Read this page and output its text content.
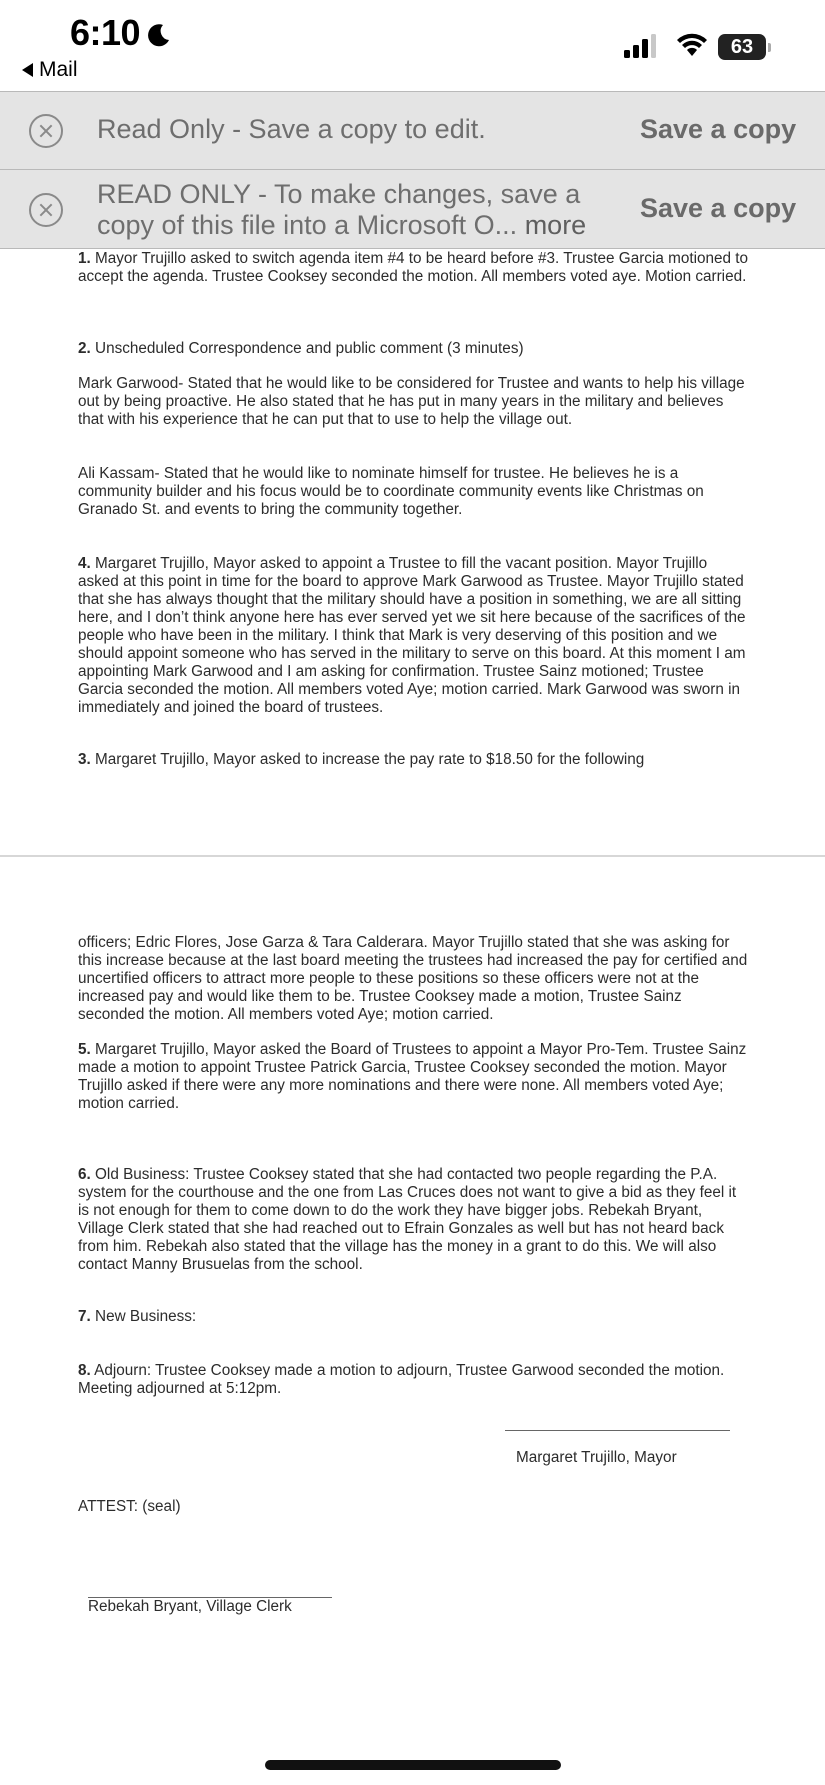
6:10
Mail
63
Read Only - Save a copy to edit.	Save a copy
READ ONLY - To make changes, save a copy of this file into a Microsoft O... more
Save a copy

1. Mayor Trujillo asked to switch agenda item #4 to be heard before #3. Trustee Garcia motioned to accept the agenda. Trustee Cooksey seconded the motion. All members voted aye. Motion carried.

2. Unscheduled Correspondence and public comment (3 minutes)

Mark Garwood- Stated that he would like to be considered for Trustee and wants to help his village out by being proactive. He also stated that he has put in many years in the military and believes that with his experience that he can put that to use to help the village out.

Ali Kassam- Stated that he would like to nominate himself for trustee. He believes he is a community builder and his focus would be to coordinate community events like Christmas on Granado St. and events to bring the community together.

4. Margaret Trujillo, Mayor asked to appoint a Trustee to fill the vacant position. Mayor Trujillo asked at this point in time for the board to approve Mark Garwood as Trustee. Mayor Trujillo stated that she has always thought that the military should have a position in something, we are all sitting here, and I don’t think anyone here has ever served yet we sit here because of the sacrifices of the people who have been in the military. I think that Mark is very deserving of this position and we should appoint someone who has served in the military to serve on this board. At this moment I am appointing Mark Garwood and I am asking for confirmation. Trustee Sainz motioned; Trustee Garcia seconded the motion. All members voted Aye; motion carried. Mark Garwood was sworn in immediately and joined the board of trustees.

3. Margaret Trujillo, Mayor asked to increase the pay rate to $18.50 for the following

officers; Edric Flores, Jose Garza & Tara Calderara. Mayor Trujillo stated that she was asking for this increase because at the last board meeting the trustees had increased the pay for certified and uncertified officers to attract more people to these positions so these officers were not at the increased pay and would like them to be. Trustee Cooksey made a motion, Trustee Sainz seconded the motion. All members voted Aye; motion carried.

5. Margaret Trujillo, Mayor asked the Board of Trustees to appoint a Mayor Pro-Tem. Trustee Sainz made a motion to appoint Trustee Patrick Garcia, Trustee Cooksey seconded the motion. Mayor Trujillo asked if there were any more nominations and there were none. All members voted Aye; motion carried.

6. Old Business: Trustee Cooksey stated that she had contacted two people regarding the P.A. system for the courthouse and the one from Las Cruces does not want to give a bid as they feel it is not enough for them to come down to do the work they have bigger jobs. Rebekah Bryant, Village Clerk stated that she had reached out to Efrain Gonzales as well but has not heard back from him. Rebekah also stated that the village has the money in a grant to do this. We will also contact Manny Brusuelas from the school.

7. New Business:

8. Adjourn: Trustee Cooksey made a motion to adjourn, Trustee Garwood seconded the motion. Meeting adjourned at 5:12pm.

Margaret Trujillo, Mayor

ATTEST: (seal)

Rebekah Bryant, Village Clerk
